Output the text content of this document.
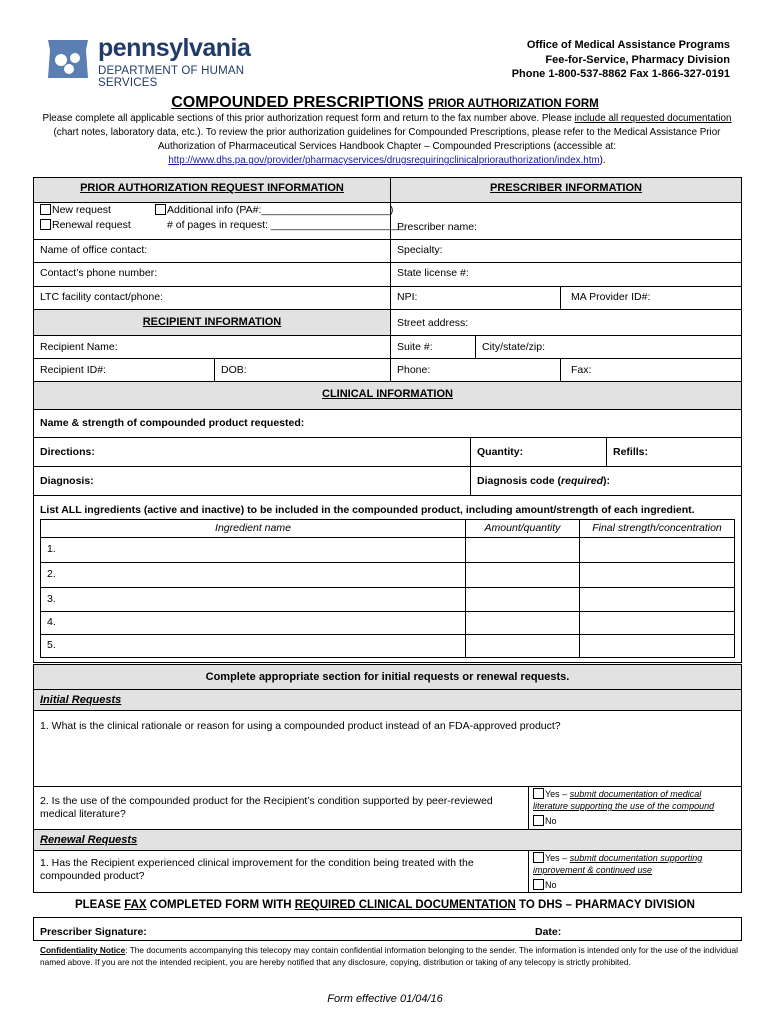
pennsylvania
DEPARTMENT OF HUMAN SERVICES
Office of Medical Assistance Programs
Fee-for-Service, Pharmacy Division
Phone 1-800-537-8862 Fax 1-866-327-0191
COMPOUNDED PRESCRIPTIONS PRIOR AUTHORIZATION FORM
Please complete all applicable sections of this prior authorization request form and return to the fax number above. Please include all requested documentation (chart notes, laboratory data, etc.). To review the prior authorization guidelines for Compounded Prescriptions, please refer to the Medical Assistance Prior Authorization of Pharmaceutical Services Handbook Chapter – Compounded Prescriptions (accessible at:
http://www.dhs.pa.gov/provider/pharmacyservices/drugsrequiringclinicalpriorauthorization/index.htm).
PRIOR AUTHORIZATION REQUEST INFORMATION	PRESCRIBER INFORMATION
New request
Renewal request
Additional info (PA#:______________________)
# of pages in request: _______________________
Prescriber name:
Name of office contact:	Specialty:
Contact’s phone number:	State license #:
LTC facility contact/phone:	NPI:	MA Provider ID#:
RECIPIENT INFORMATION	Street address:
Recipient Name:	Suite #:	City/state/zip:
Recipient ID#:	DOB:	Phone:	Fax:
CLINICAL INFORMATION
Name & strength of compounded product requested:
Directions:	Quantity:	Refills:
Diagnosis:	Diagnosis code (required):
List ALL ingredients (active and inactive) to be included in the compounded product, including amount/strength of each ingredient.
Ingredient name	Amount/quantity	Final strength/concentration
1.
2.
3.
4.
5.
Complete appropriate section for initial requests or renewal requests.
Initial Requests
1. What is the clinical rationale or reason for using a compounded product instead of an FDA-approved product?
2. Is the use of the compounded product for the Recipient’s condition supported by peer-reviewed medical literature?
Yes – submit documentation of medical literature supporting the use of the compound
No
Renewal Requests
1. Has the Recipient experienced clinical improvement for the condition being treated with the compounded product?
Yes – submit documentation supporting improvement & continued use
No
PLEASE FAX COMPLETED FORM WITH REQUIRED CLINICAL DOCUMENTATION TO DHS – PHARMACY DIVISION
Prescriber Signature:	Date:
Confidentiality Notice: The documents accompanying this telecopy may contain confidential information belonging to the sender. The information is intended only for the use of the individual named above. If you are not the intended recipient, you are hereby notified that any disclosure, copying, distribution or taking of any telecopy is strictly prohibited.
Form effective 01/04/16
